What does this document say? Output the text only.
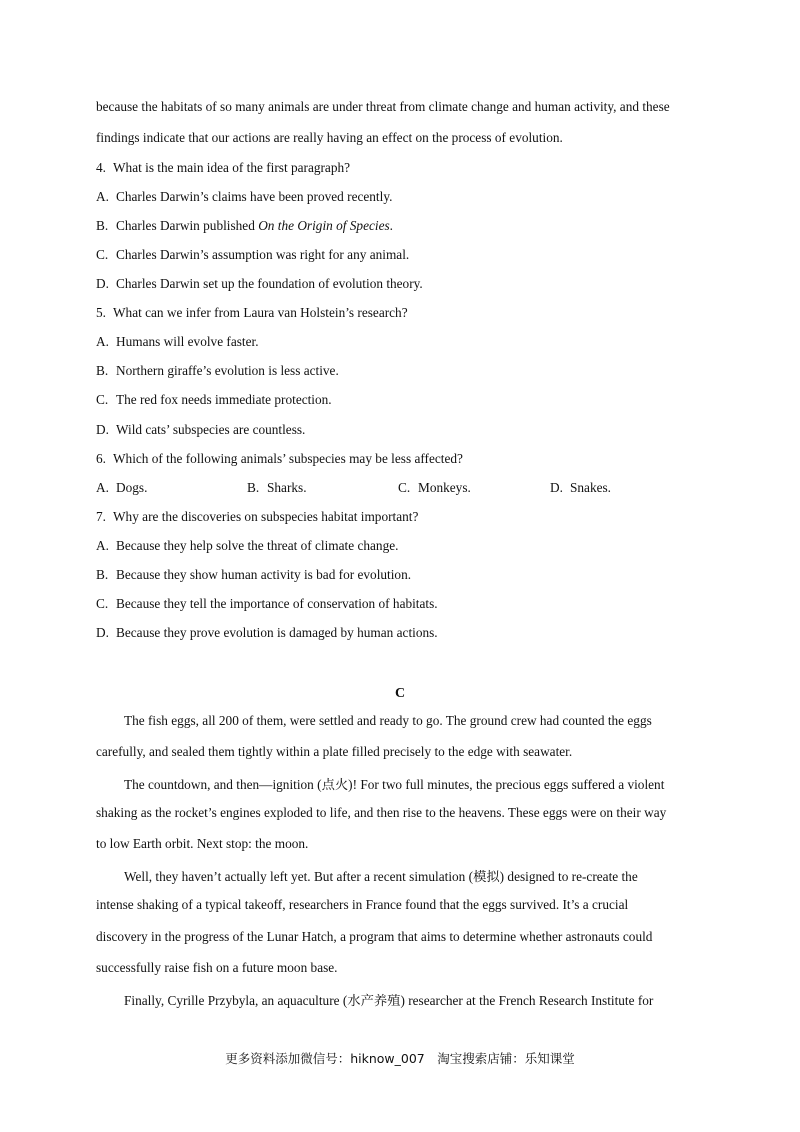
because the habitats of so many animals are under threat from climate change and human activity, and these
findings indicate that our actions are really having an effect on the process of evolution.
4. What is the main idea of the first paragraph?
A. Charles Darwin’s claims have been proved recently.
B. Charles Darwin published On the Origin of Species.
C. Charles Darwin’s assumption was right for any animal.
D. Charles Darwin set up the foundation of evolution theory.
5. What can we infer from Laura van Holstein’s research?
A. Humans will evolve faster.
B. Northern giraffe’s evolution is less active.
C. The red fox needs immediate protection.
D. Wild cats’ subspecies are countless.
6. Which of the following animals’ subspecies may be less affected?
A. Dogs.	B. Sharks.	C. Monkeys.	D. Snakes.
7. Why are the discoveries on subspecies habitat important?
A. Because they help solve the threat of climate change.
B. Because they show human activity is bad for evolution.
C. Because they tell the importance of conservation of habitats.
D. Because they prove evolution is damaged by human actions.
C
The fish eggs, all 200 of them, were settled and ready to go. The ground crew had counted the eggs
carefully, and sealed them tightly within a plate filled precisely to the edge with seawater.
The countdown, and then—ignition (点火)! For two full minutes, the precious eggs suffered a violent
shaking as the rocket’s engines exploded to life, and then rise to the heavens. These eggs were on their way
to low Earth orbit. Next stop: the moon.
Well, they haven’t actually left yet. But after a recent simulation (模拟) designed to re-create the
intense shaking of a typical takeoff, researchers in France found that the eggs survived. It’s a crucial
discovery in the progress of the Lunar Hatch, a program that aims to determine whether astronauts could
successfully raise fish on a future moon base.
Finally, Cyrille Przybyla, an aquaculture (水产养殖) researcher at the French Research Institute for
更多资料添加微信号：hiknow_007　淘宝搜索店铺：乐知课堂
